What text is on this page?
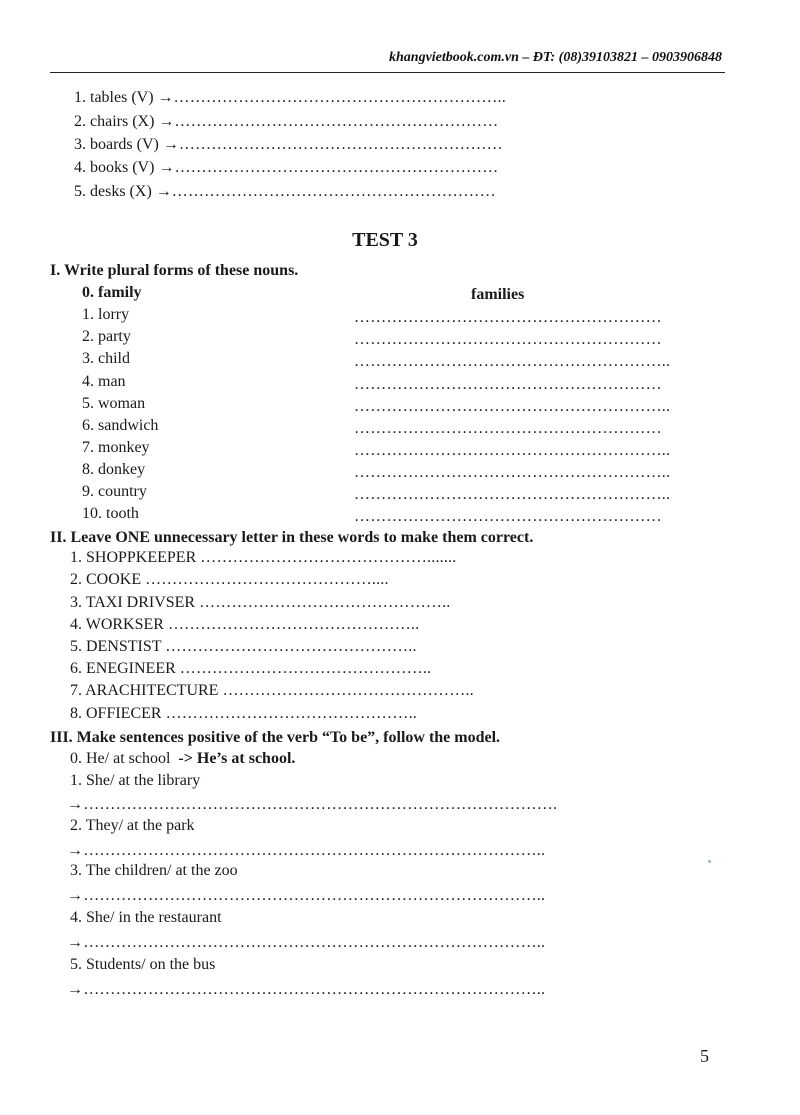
khangvietbook.com.vn – ĐT: (08)39103821 – 0903906848
1. tables (V) →……………………………………………………..
2. chairs (X) →……………………………………………………
3. boards (V) →……………………………………………………
4. books (V) →……………………………………………………
5. desks (X) →……………………………………………………
TEST 3
I. Write plural forms of these nouns.
0. family	families
1. lorry	…………………………………………………
2. party	…………………………………………………
3. child	…………………………………………………..
4. man	…………………………………………………
5. woman	…………………………………………………..
6. sandwich	…………………………………………………
7. monkey	…………………………………………………..
8. donkey	…………………………………………………..
9. country	…………………………………………………..
10. tooth	…………………………………………………
II. Leave ONE unnecessary letter in these words to make them correct.
1. SHOPPKEEPER …………………………………….......
2. COOKE ……………………………………....
3. TAXI DRIVSER ………………………………………..
4. WORKSER ………………………………………..
5. DENSTIST ………………………………………..
6. ENEGINEER ………………………………………..
7. ARACHITECTURE ………………………………………..
8. OFFIECER ………………………………………..
III. Make sentences positive of the verb “To be”, follow the model.
0. He/ at school -> He’s at school.
1. She/ at the library
→…………………………………………………………………………….
2. They/ at the park
→…………………………………………………………………………..
3. The children/ at the zoo
→…………………………………………………………………………..
4. She/ in the restaurant
→…………………………………………………………………………..
5. Students/ on the bus
→…………………………………………………………………………..
5
